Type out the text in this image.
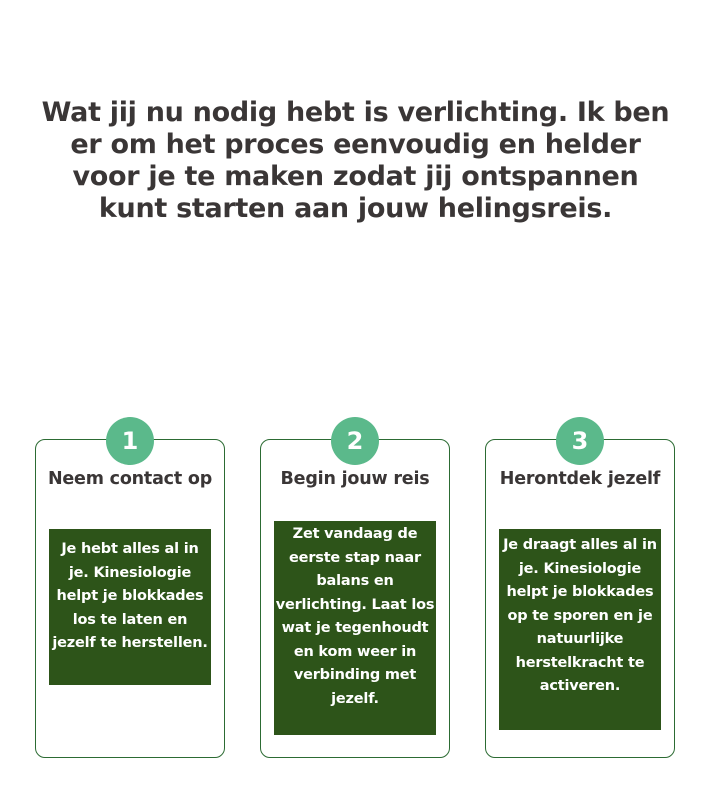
Wat jij nu nodig hebt is verlichting. Ik ben er om het proces eenvoudig en helder voor je te maken zodat jij ontspannen kunt starten aan jouw helingsreis.
1
Neem contact op
Je hebt alles al in je. Kinesiologie helpt je blokkades los te laten en jezelf te herstellen.
2
Begin jouw reis
Zet vandaag de eerste stap naar balans en verlichting. Laat los wat je tegenhoudt en kom weer in verbinding met jezelf.
3
Herontdek jezelf
Je draagt alles al in je. Kinesiologie helpt je blokkades op te sporen en je natuurlijke herstelkracht te activeren.
